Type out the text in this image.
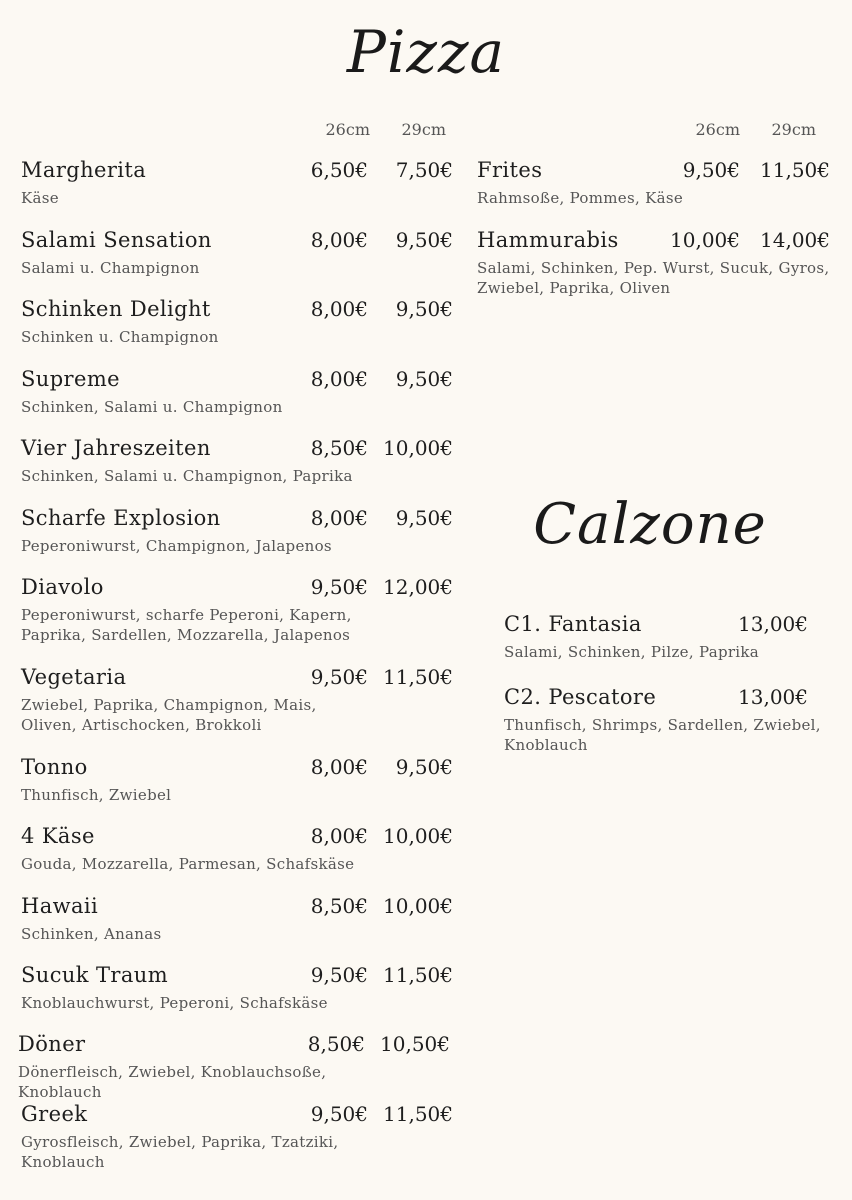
Pizza
26cm	29cm	26cm	29cm
Margherita	6,50€ 7,50€
Käse
Salami Sensation	8,00€ 9,50€
Salami u. Champignon
Schinken Delight	8,00€ 9,50€
Schinken u. Champignon
Supreme	8,00€ 9,50€
Schinken, Salami u. Champignon
Vier Jahreszeiten	8,50€ 10,00€
Schinken, Salami u. Champignon, Paprika
Scharfe Explosion	8,00€ 9,50€
Peperoniwurst, Champignon, Jalapenos
Diavolo	9,50€ 12,00€
Peperoniwurst, scharfe Peperoni, Kapern, Paprika, Sardellen, Mozzarella, Jalapenos
Vegetaria	9,50€ 11,50€
Zwiebel, Paprika, Champignon, Mais, Oliven, Artischocken, Brokkoli
Tonno	8,00€ 9,50€
Thunfisch, Zwiebel
4 Käse	8,00€ 10,00€
Gouda, Mozzarella, Parmesan, Schafskäse
Hawaii	8,50€ 10,00€
Schinken, Ananas
Sucuk Traum	9,50€ 11,50€
Knoblauchwurst, Peperoni, Schafskäse
Döner	8,50€ 10,50€
Dönerfleisch, Zwiebel, Knoblauchsoße, Knoblauch
Greek	9,50€ 11,50€
Gyrosfleisch, Zwiebel, Paprika, Tzatziki, Knoblauch
Frites	9,50€ 11,50€
Rahmsoße, Pommes, Käse
Hammurabis	10,00€ 14,00€
Salami, Schinken, Pep. Wurst, Sucuk, Gyros, Zwiebel, Paprika, Oliven
Calzone
C1. Fantasia	13,00€
Salami, Schinken, Pilze, Paprika
C2. Pescatore	13,00€
Thunfisch, Shrimps, Sardellen, Zwiebel, Knoblauch
